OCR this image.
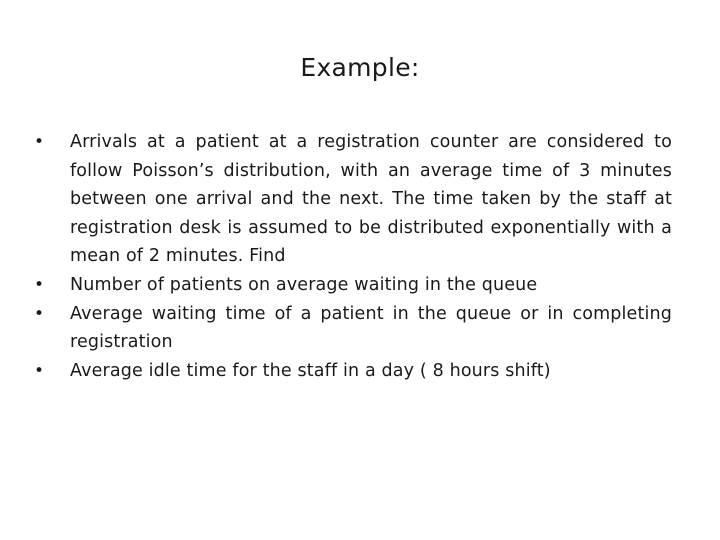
Example:
•	Arrivals at a patient at a registration counter are considered to follow Poisson’s distribution, with an average time of 3 minutes between one arrival and the next. The time taken by the staff at registration desk is assumed to be distributed exponentially with a mean of 2 minutes. Find
•	Number of patients on average waiting in the queue
•	Average waiting time of a patient in the queue or in completing registration
•	Average idle time for the staff in a day ( 8 hours shift)
